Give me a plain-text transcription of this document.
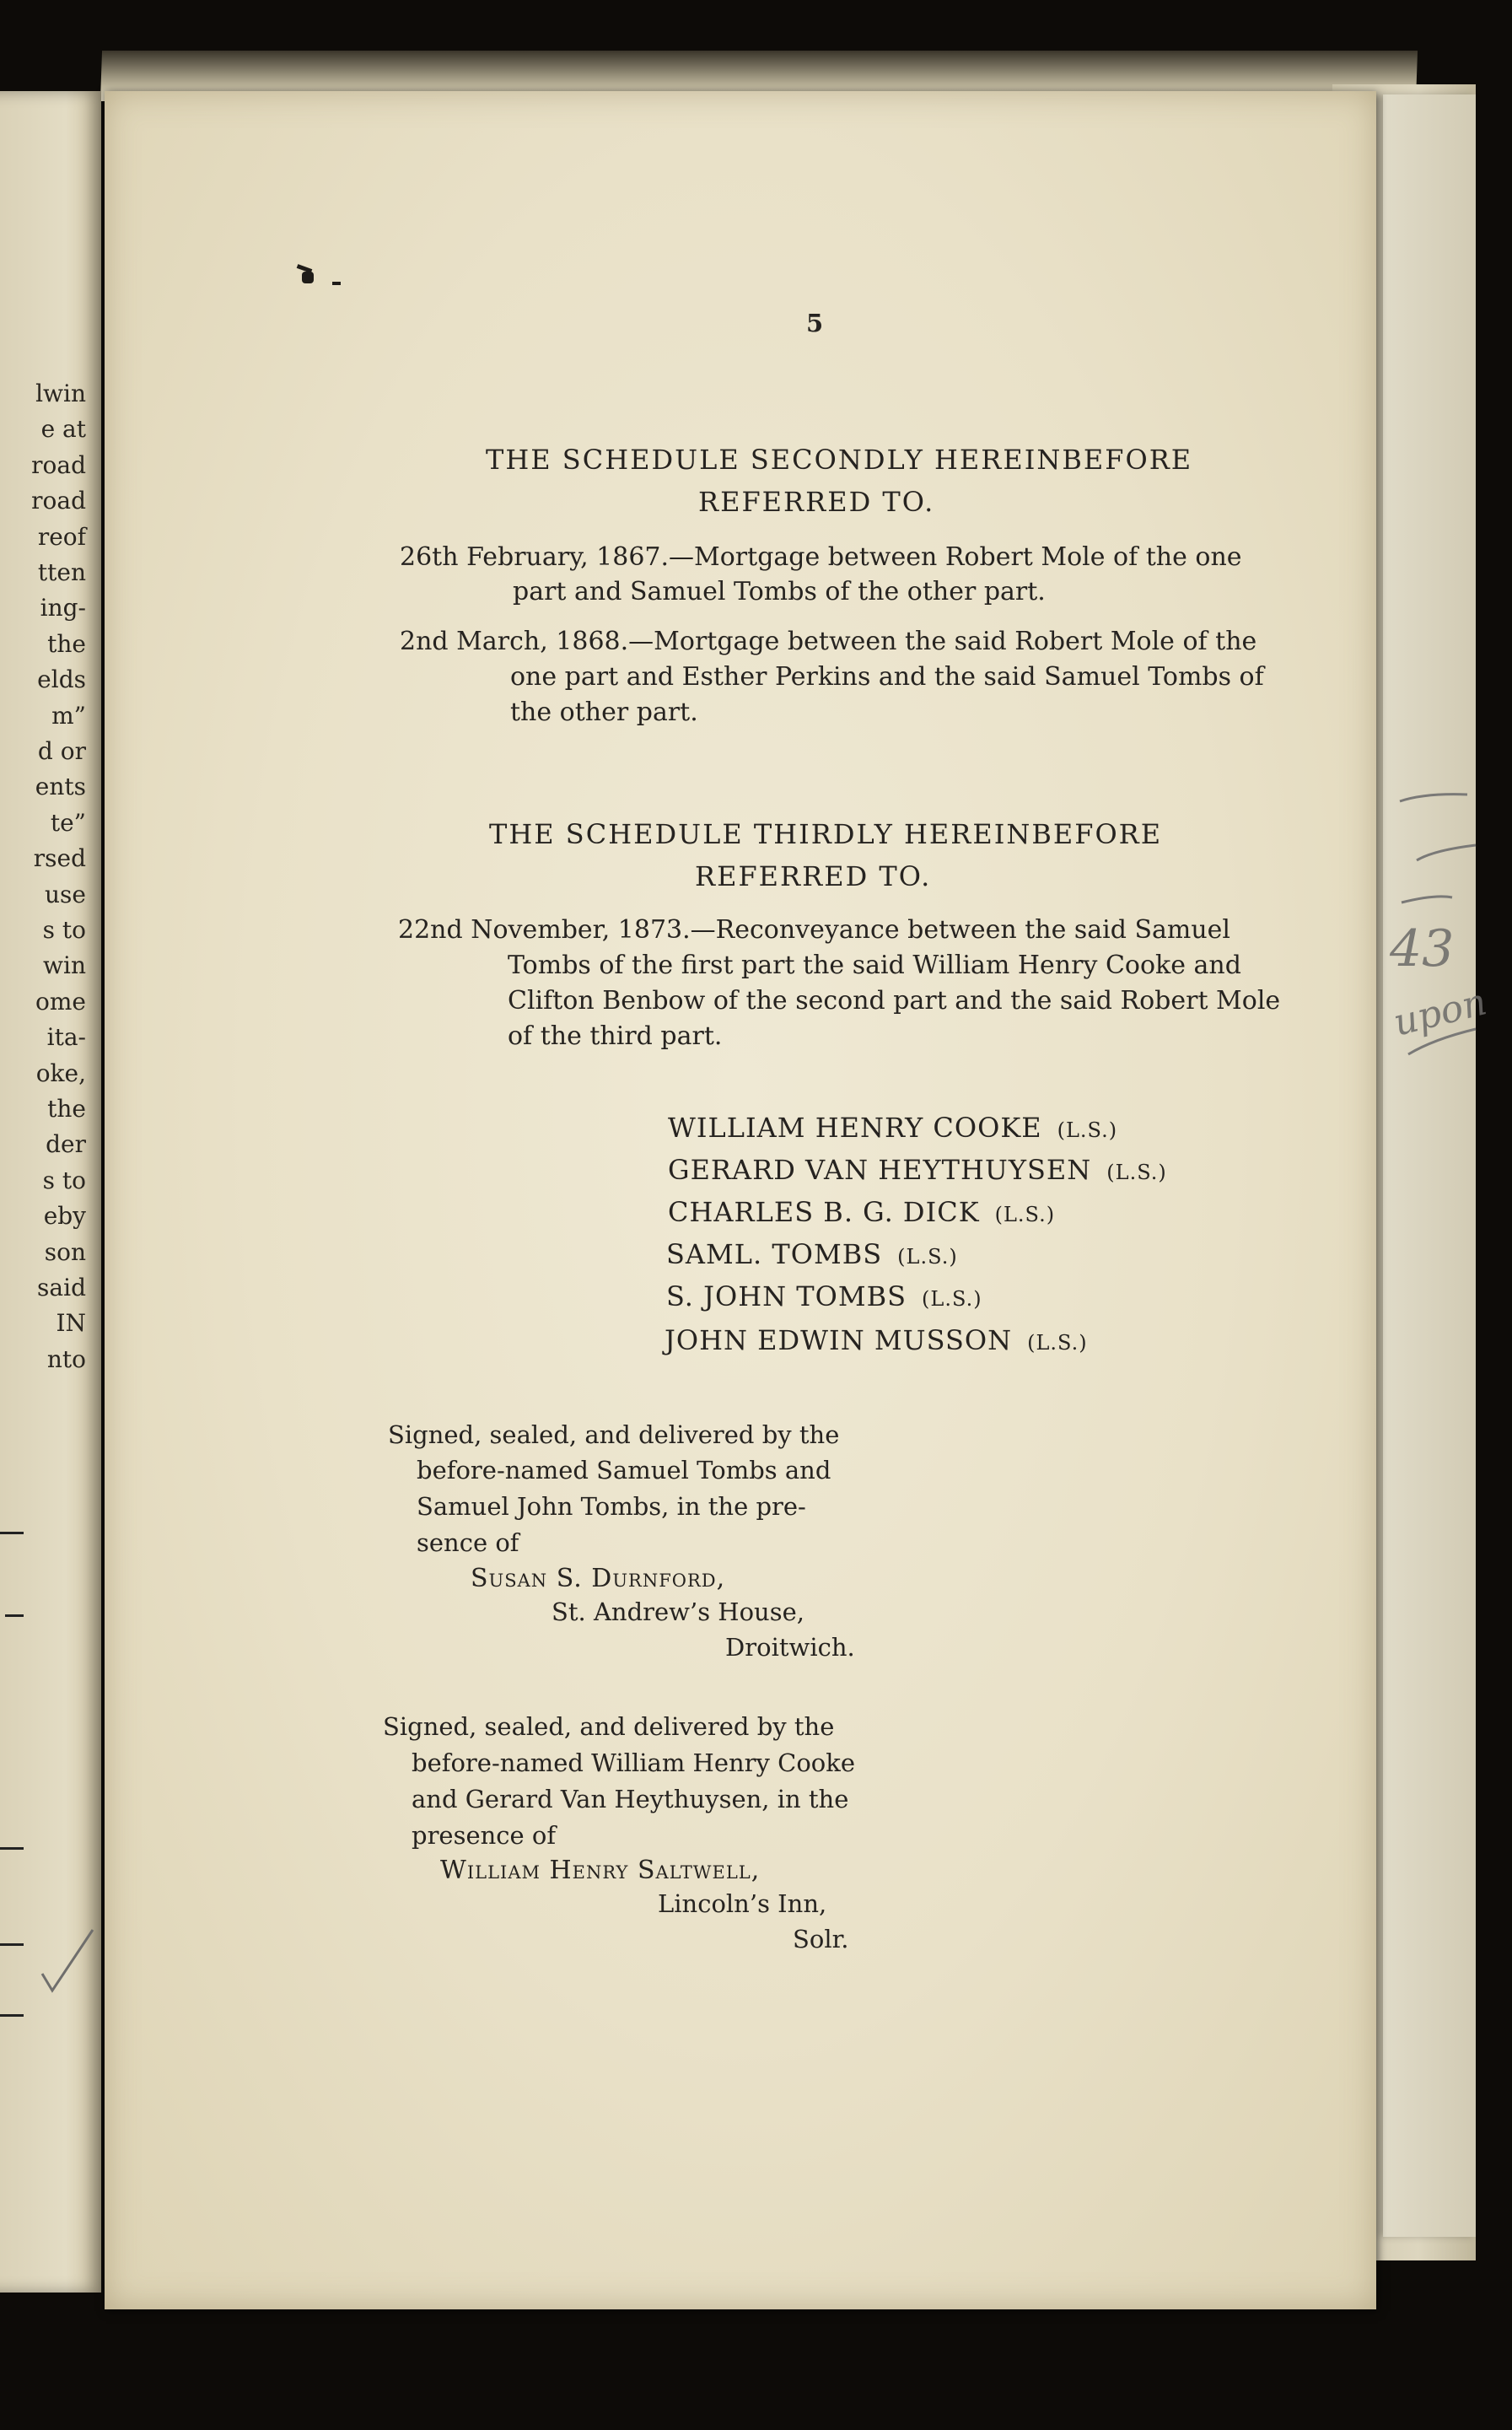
lwin
e at
road
road
reof
tten
ing-
the
elds
m”
d or
ents
te”
rsed
use
s to
win
ome
ita-
oke,
the
der
s to
eby
son
said
IN
nto
5
THE SCHEDULE SECONDLY HEREINBEFORE
REFERRED TO.
26th February, 1867.—Mortgage between Robert Mole of the one
part and Samuel Tombs of the other part.
2nd March, 1868.—Mortgage between the said Robert Mole of the
one part and Esther Perkins and the said Samuel Tombs of
the other part.
THE SCHEDULE THIRDLY HEREINBEFORE
REFERRED TO.
22nd November, 1873.—Reconveyance between the said Samuel
Tombs of the first part the said William Henry Cooke and
Clifton Benbow of the second part and the said Robert Mole
of the third part.
WILLIAM HENRY COOKE (L.S.)
GERARD VAN HEYTHUYSEN (L.S.)
CHARLES B. G. DICK (L.S.)
SAML. TOMBS (L.S.)
S. JOHN TOMBS (L.S.)
JOHN EDWIN MUSSON (L.S.)
Signed, sealed, and delivered by the
before-named Samuel Tombs and
Samuel John Tombs, in the pre-
sence of
Susan S. Durnford,
St. Andrew’s House,
Droitwich.
Signed, sealed, and delivered by the
before-named William Henry Cooke
and Gerard Van Heythuysen, in the
presence of
William Henry Saltwell,
Lincoln’s Inn,
Solr.
43
upon
